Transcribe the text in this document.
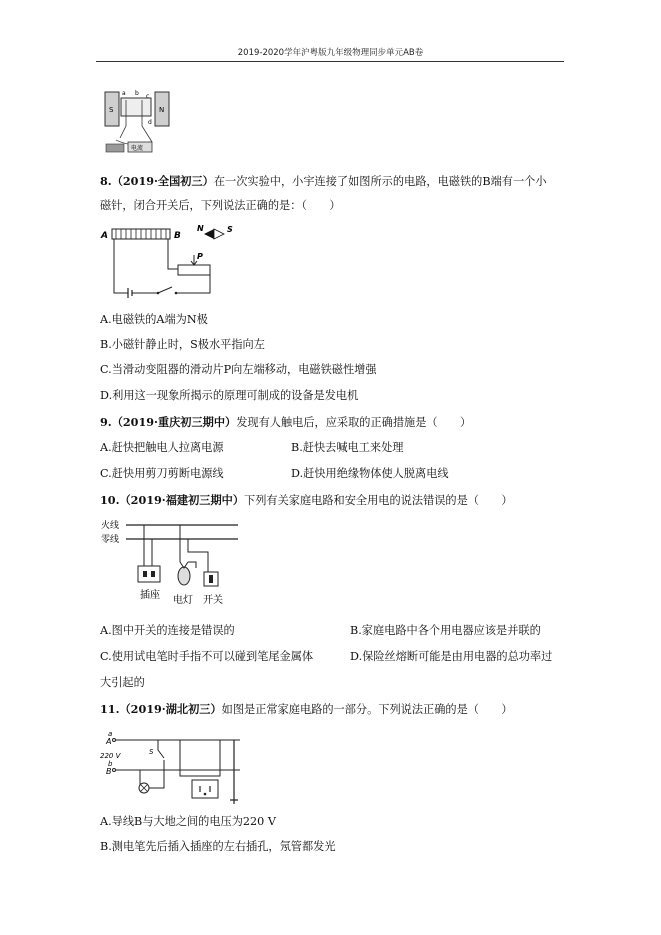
2019-2020学年沪粤版九年级物理同步单元AB卷
S	N
a b c
d
电流
8.（2019·全国初三）在一次实验中，小宇连接了如图所示的电路，电磁铁的B端有一个小
磁针，闭合开关后，下列说法正确的是：（　　）
A	B
N	S
P
A.电磁铁的A端为N极
B.小磁针静止时，S极水平指向左
C.当滑动变阻器的滑动片P向左端移动，电磁铁磁性增强
D.利用这一现象所揭示的原理可制成的设备是发电机
9.（2019·重庆初三期中）发现有人触电后，应采取的正确措施是（　　）
A.赶快把触电人拉离电源	B.赶快去喊电工来处理
C.赶快用剪刀剪断电源线	D.赶快用绝缘物体使人脱离电线
10.（2019·福建初三期中）下列有关家庭电路和安全用电的说法错误的是（　　）
火线
零线
插座 电灯 开关
A.图中开关的连接是错误的	B.家庭电路中各个用电器应该是并联的
C.使用试电笔时手指不可以碰到笔尾金属体	D.保险丝熔断可能是由用电器的总功率过
大引起的
11.（2019·湖北初三）如图是正常家庭电路的一部分。下列说法正确的是（　　）
a
A
220 V
b
B
S
A.导线B与大地之间的电压为220 V
B.测电笔先后插入插座的左右插孔，氖管都发光
